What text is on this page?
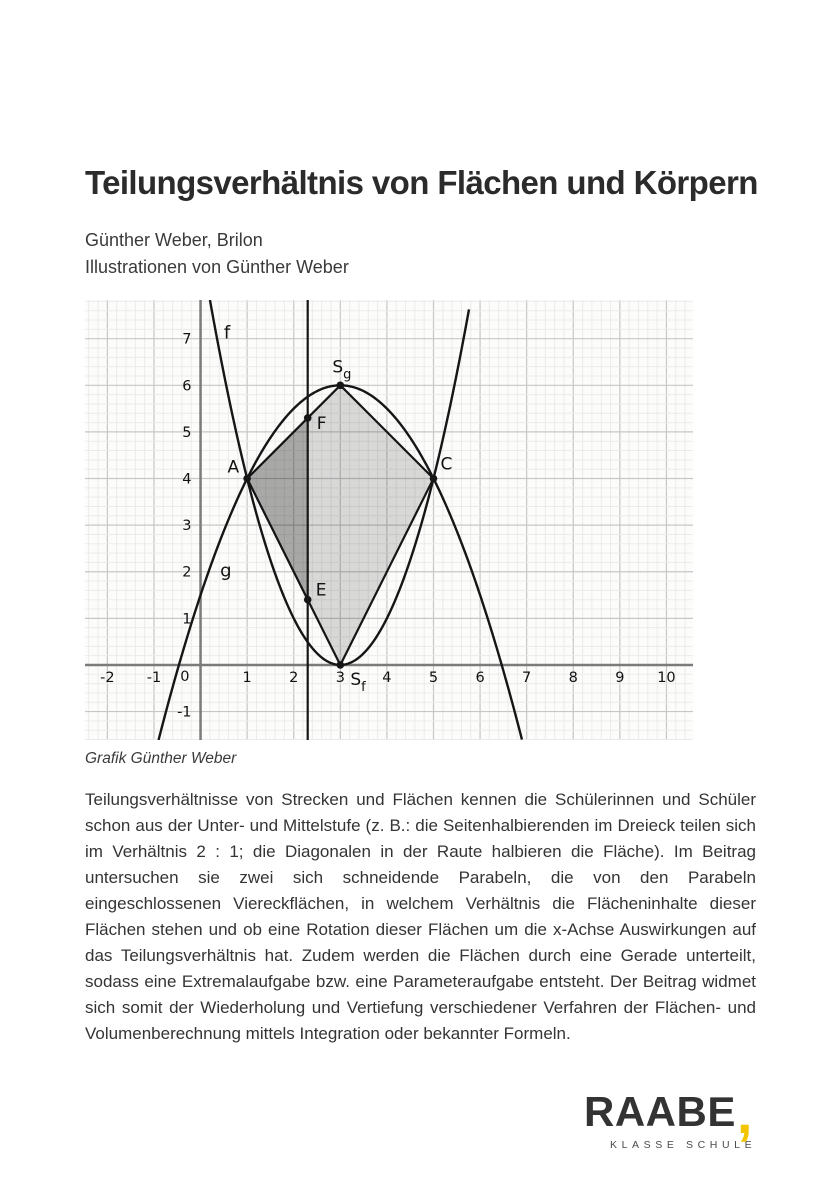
Teilungsverhältnis von Flächen und Körpern
Günther Weber, Brilon
Illustrationen von Günther Weber
f
g
A	C
$S_g$
$S_f$
F
E
-2 -1	1	2	3	4	5	6	7	8	9 10
-1
1
2
3
4
5
6
7
0
Grafik Günther Weber

Teilungsverhältnisse von Strecken und Flächen kennen die Schülerinnen und Schüler schon aus der Unter- und Mittelstufe (z. B.: die Seitenhalbierenden im Dreieck teilen sich im Verhältnis 2 : 1; die Diagonalen in der Raute halbieren die Fläche). Im Beitrag untersuchen sie zwei sich schneidende Parabeln, die von den Parabeln eingeschlossenen Viereckflächen, in welchem Verhältnis die Flächeninhalte dieser Flächen stehen und ob eine Rotation dieser Flächen um die x-Achse Auswirkungen auf das Teilungsverhältnis hat. Zudem werden die Flächen durch eine Gerade unterteilt, sodass eine Extremalaufgabe bzw. eine Parameteraufgabe entsteht. Der Beitrag widmet sich somit der Wiederholung und Vertiefung verschiedener Verfahren der Flächen- und Volumenberechnung mittels Integration oder bekannter Formeln.

RAABE,
KLASSE SCHULE
